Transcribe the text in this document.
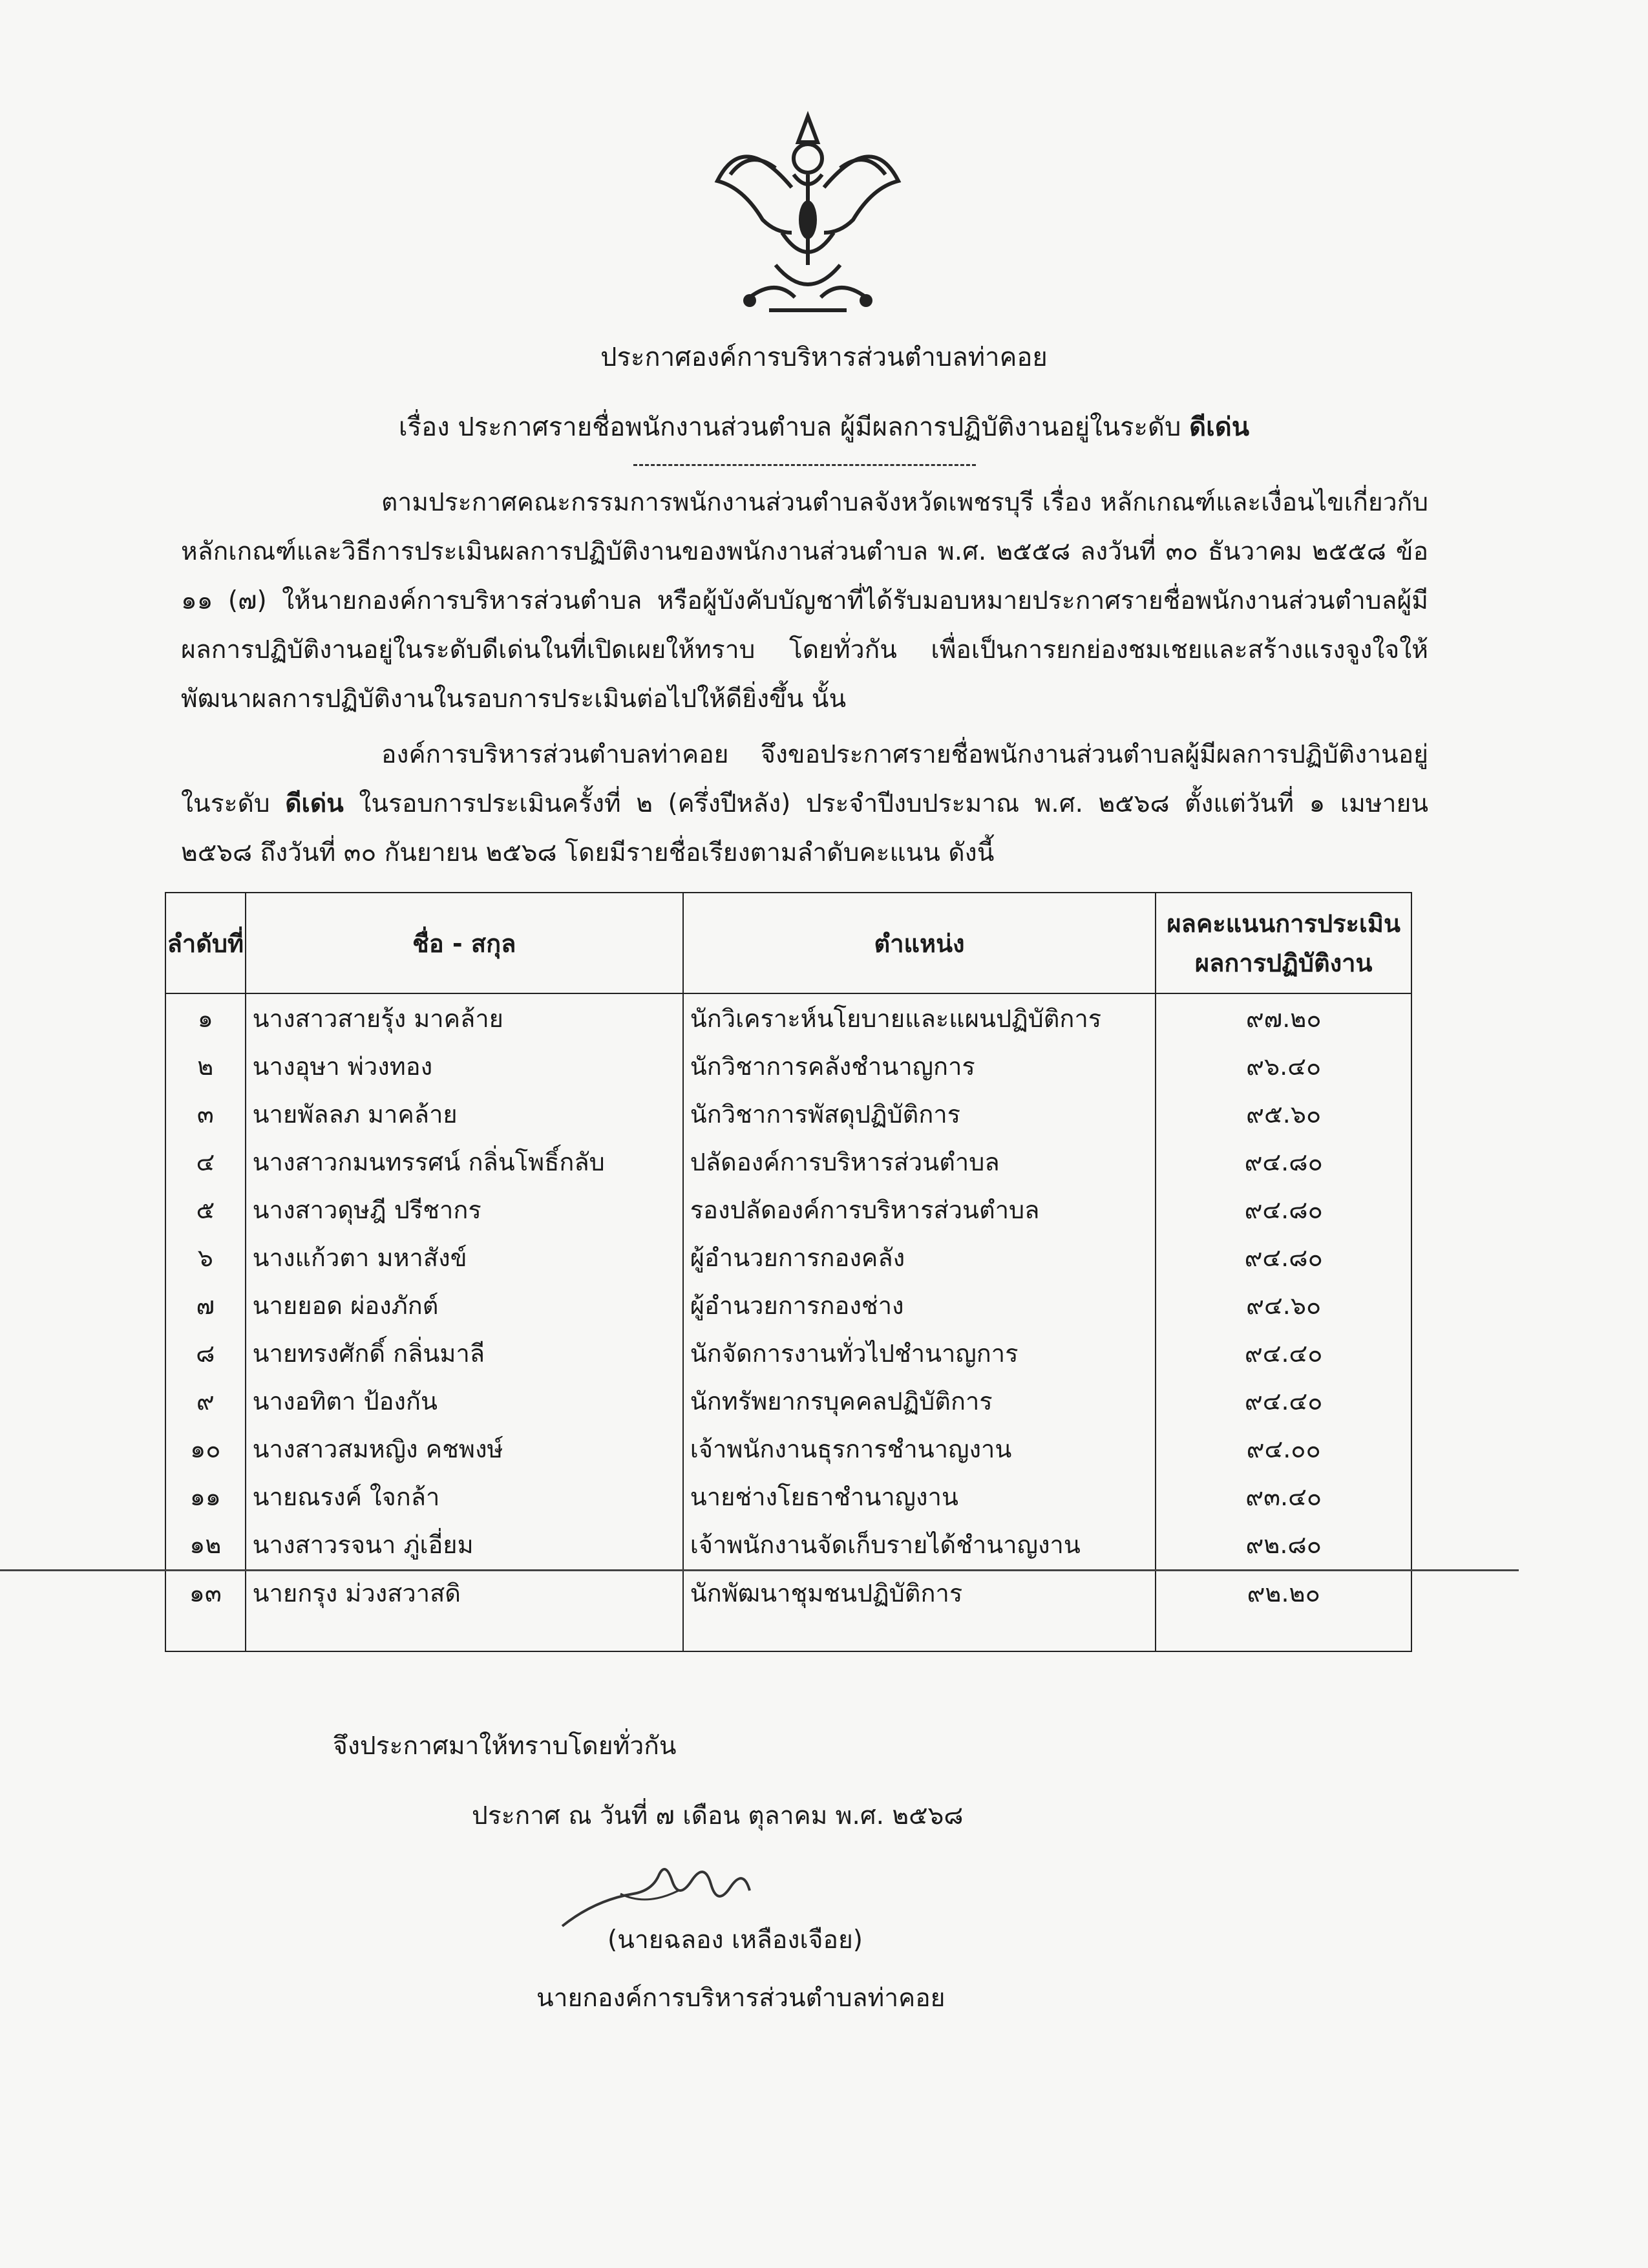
ประกาศองค์การบริหารส่วนตำบลท่าคอย
เรื่อง ประกาศรายชื่อพนักงานส่วนตำบล ผู้มีผลการปฏิบัติงานอยู่ในระดับ ดีเด่น
ตามประกาศคณะกรรมการพนักงานส่วนตำบลจังหวัดเพชรบุรี เรื่อง หลักเกณฑ์และเงื่อนไขเกี่ยวกับหลักเกณฑ์และวิธีการประเมินผลการปฏิบัติงานของพนักงานส่วนตำบล พ.ศ. ๒๕๕๘ ลงวันที่ ๓๐ ธันวาคม ๒๕๕๘ ข้อ ๑๑ (๗) ให้นายกองค์การบริหารส่วนตำบล หรือผู้บังคับบัญชาที่ได้รับมอบหมายประกาศรายชื่อพนักงานส่วนตำบลผู้มีผลการปฏิบัติงานอยู่ในระดับดีเด่นในที่เปิดเผยให้ทราบ โดยทั่วกัน เพื่อเป็นการยกย่องชมเชยและสร้างแรงจูงใจให้พัฒนาผลการปฏิบัติงานในรอบการประเมินต่อไปให้ดียิ่งขึ้น นั้น
องค์การบริหารส่วนตำบลท่าคอย จึงขอประกาศรายชื่อพนักงานส่วนตำบลผู้มีผลการปฏิบัติงานอยู่ในระดับ ดีเด่น ในรอบการประเมินครั้งที่ ๒ (ครึ่งปีหลัง) ประจำปีงบประมาณ พ.ศ. ๒๕๖๘ ตั้งแต่วันที่ ๑ เมษายน ๒๕๖๘ ถึงวันที่ ๓๐ กันยายน ๒๕๖๘ โดยมีรายชื่อเรียงตามลำดับคะแนน ดังนี้
ลำดับที่	ชื่อ - สกุล	ตำแหน่ง	ผลคะแนนการประเมินผลการปฏิบัติงาน
๑	นางสาวสายรุ้ง มาคล้าย	นักวิเคราะห์นโยบายและแผนปฏิบัติการ	๙๗.๒๐
๒	นางอุษา พ่วงทอง	นักวิชาการคลังชำนาญการ	๙๖.๔๐
๓	นายพัลลภ มาคล้าย	นักวิชาการพัสดุปฏิบัติการ	๙๕.๖๐
๔	นางสาวกมนทรรศน์ กลิ่นโพธิ์กลับ	ปลัดองค์การบริหารส่วนตำบล	๙๔.๘๐
๕	นางสาวดุษฎี ปรีชากร	รองปลัดองค์การบริหารส่วนตำบล	๙๔.๘๐
๖	นางแก้วตา มหาสังข์	ผู้อำนวยการกองคลัง	๙๔.๘๐
๗	นายยอด ผ่องภักต์	ผู้อำนวยการกองช่าง	๙๔.๖๐
๘	นายทรงศักดิ์ กลิ่นมาลี	นักจัดการงานทั่วไปชำนาญการ	๙๔.๔๐
๙	นางอทิตา ป้องกัน	นักทรัพยากรบุคคลปฏิบัติการ	๙๔.๔๐
๑๐	นางสาวสมหญิง คชพงษ์	เจ้าพนักงานธุรการชำนาญงาน	๙๔.๐๐
๑๑	นายณรงค์ ใจกล้า	นายช่างโยธาชำนาญงาน	๙๓.๔๐
๑๒	นางสาวรจนา ภู่เอี่ยม	เจ้าพนักงานจัดเก็บรายได้ชำนาญงาน	๙๒.๘๐
๑๓	นายกรุง ม่วงสวาสดิ	นักพัฒนาชุมชนปฏิบัติการ	๙๒.๒๐
จึงประกาศมาให้ทราบโดยทั่วกัน
ประกาศ ณ วันที่ ๗ เดือน ตุลาคม พ.ศ. ๒๕๖๘
(นายฉลอง เหลืองเจือย)
นายกองค์การบริหารส่วนตำบลท่าคอย
